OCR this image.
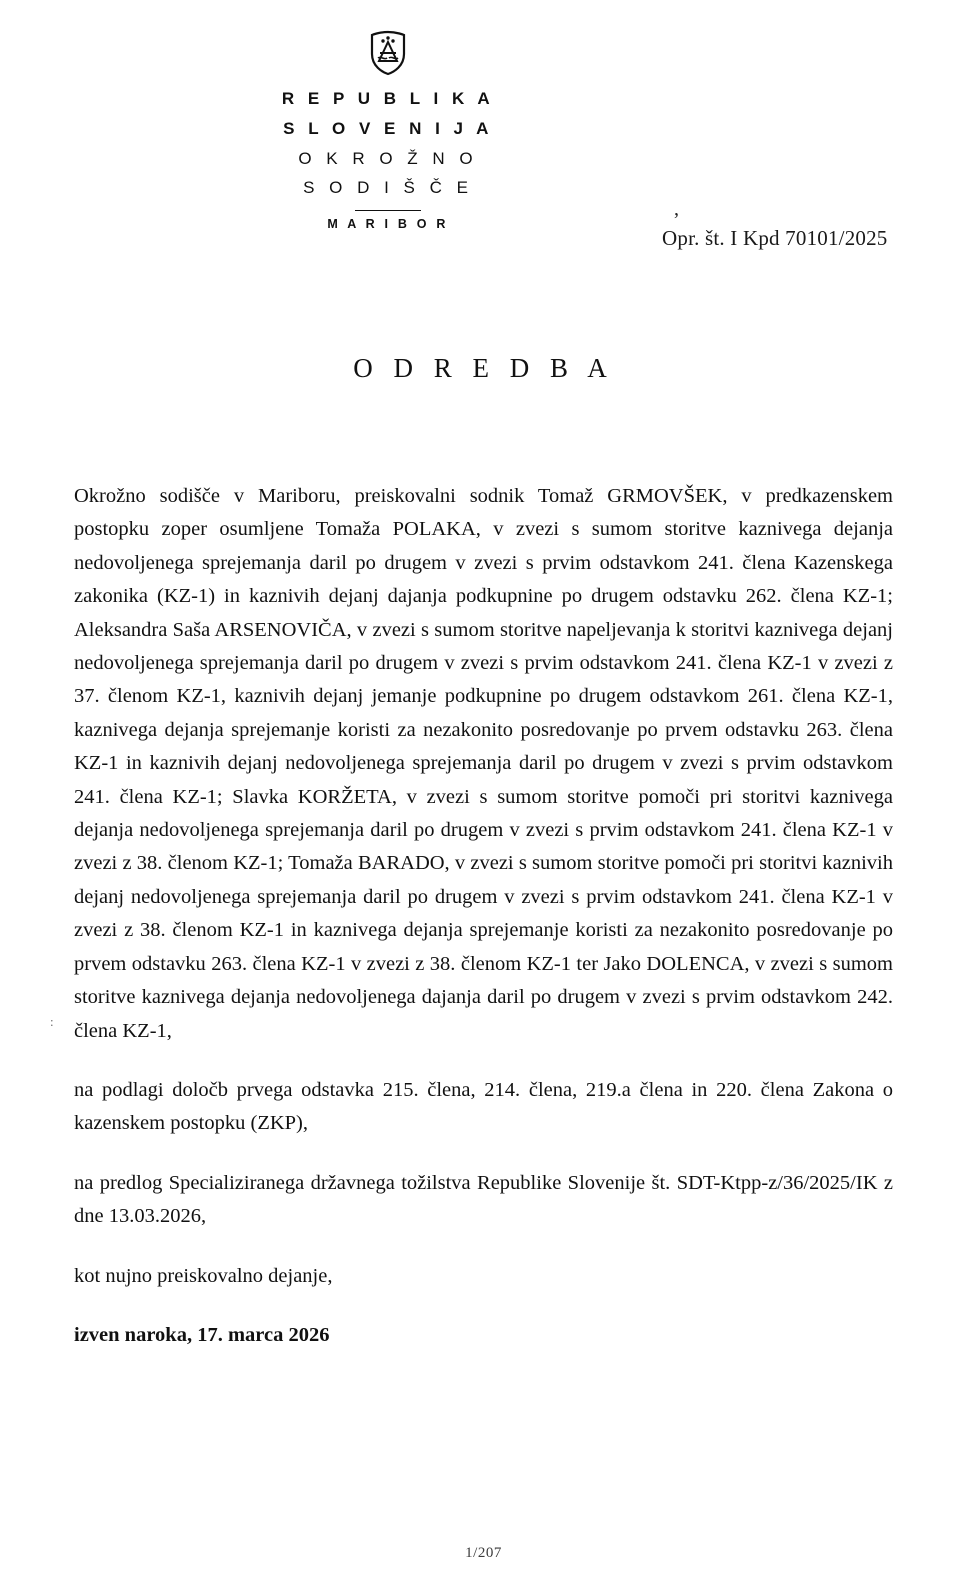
R E P U B L I K A
S L O V E N I J A
O K R O Ž N O
S O D I Š Č E
M A R I B O R
,
Opr. št. I Kpd 70101/2025
O D R E D B A

Okrožno sodišče v Mariboru, preiskovalni sodnik Tomaž GRMOVŠEK, v predkazenskem postopku zoper osumljene Tomaža POLAKA, v zvezi s sumom storitve kaznivega dejanja nedovoljenega sprejemanja daril po drugem v zvezi s prvim odstavkom 241. člena Kazenskega zakonika (KZ-1) in kaznivih dejanj dajanja podkupnine po drugem odstavku 262. člena KZ-1; Aleksandra Saša ARSENOVIČA, v zvezi s sumom storitve napeljevanja k storitvi kaznivega dejanj nedovoljenega sprejemanja daril po drugem v zvezi s prvim odstavkom 241. člena KZ-1 v zvezi z 37. členom KZ-1, kaznivih dejanj jemanje podkupnine po drugem odstavkom 261. člena KZ-1, kaznivega dejanja sprejemanje koristi za nezakonito posredovanje po prvem odstavku 263. člena KZ-1 in kaznivih dejanj nedovoljenega sprejemanja daril po drugem v zvezi s prvim odstavkom 241. člena KZ-1; Slavka KORŽETA, v zvezi s sumom storitve pomoči pri storitvi kaznivega dejanja nedovoljenega sprejemanja daril po drugem v zvezi s prvim odstavkom 241. člena KZ-1 v zvezi z 38. členom KZ-1; Tomaža BARADO, v zvezi s sumom storitve pomoči pri storitvi kaznivih dejanj nedovoljenega sprejemanja daril po drugem v zvezi s prvim odstavkom 241. člena KZ-1 v zvezi z 38. členom KZ-1 in kaznivega dejanja sprejemanje koristi za nezakonito posredovanje po prvem odstavku 263. člena KZ-1 v zvezi z 38. členom KZ-1 ter Jako DOLENCA, v zvezi s sumom storitve kaznivega dejanja nedovoljenega dajanja daril po drugem v zvezi s prvim odstavkom 242. člena KZ-1,

na podlagi določb prvega odstavka 215. člena, 214. člena, 219.a člena in 220. člena Zakona o kazenskem postopku (ZKP),

na predlog Specializiranega državnega tožilstva Republike Slovenije št. SDT-Ktpp-z/36/2025/IK z dne 13.03.2026,

kot nujno preiskovalno dejanje,

izven naroka, 17. marca 2026

:
1/207
